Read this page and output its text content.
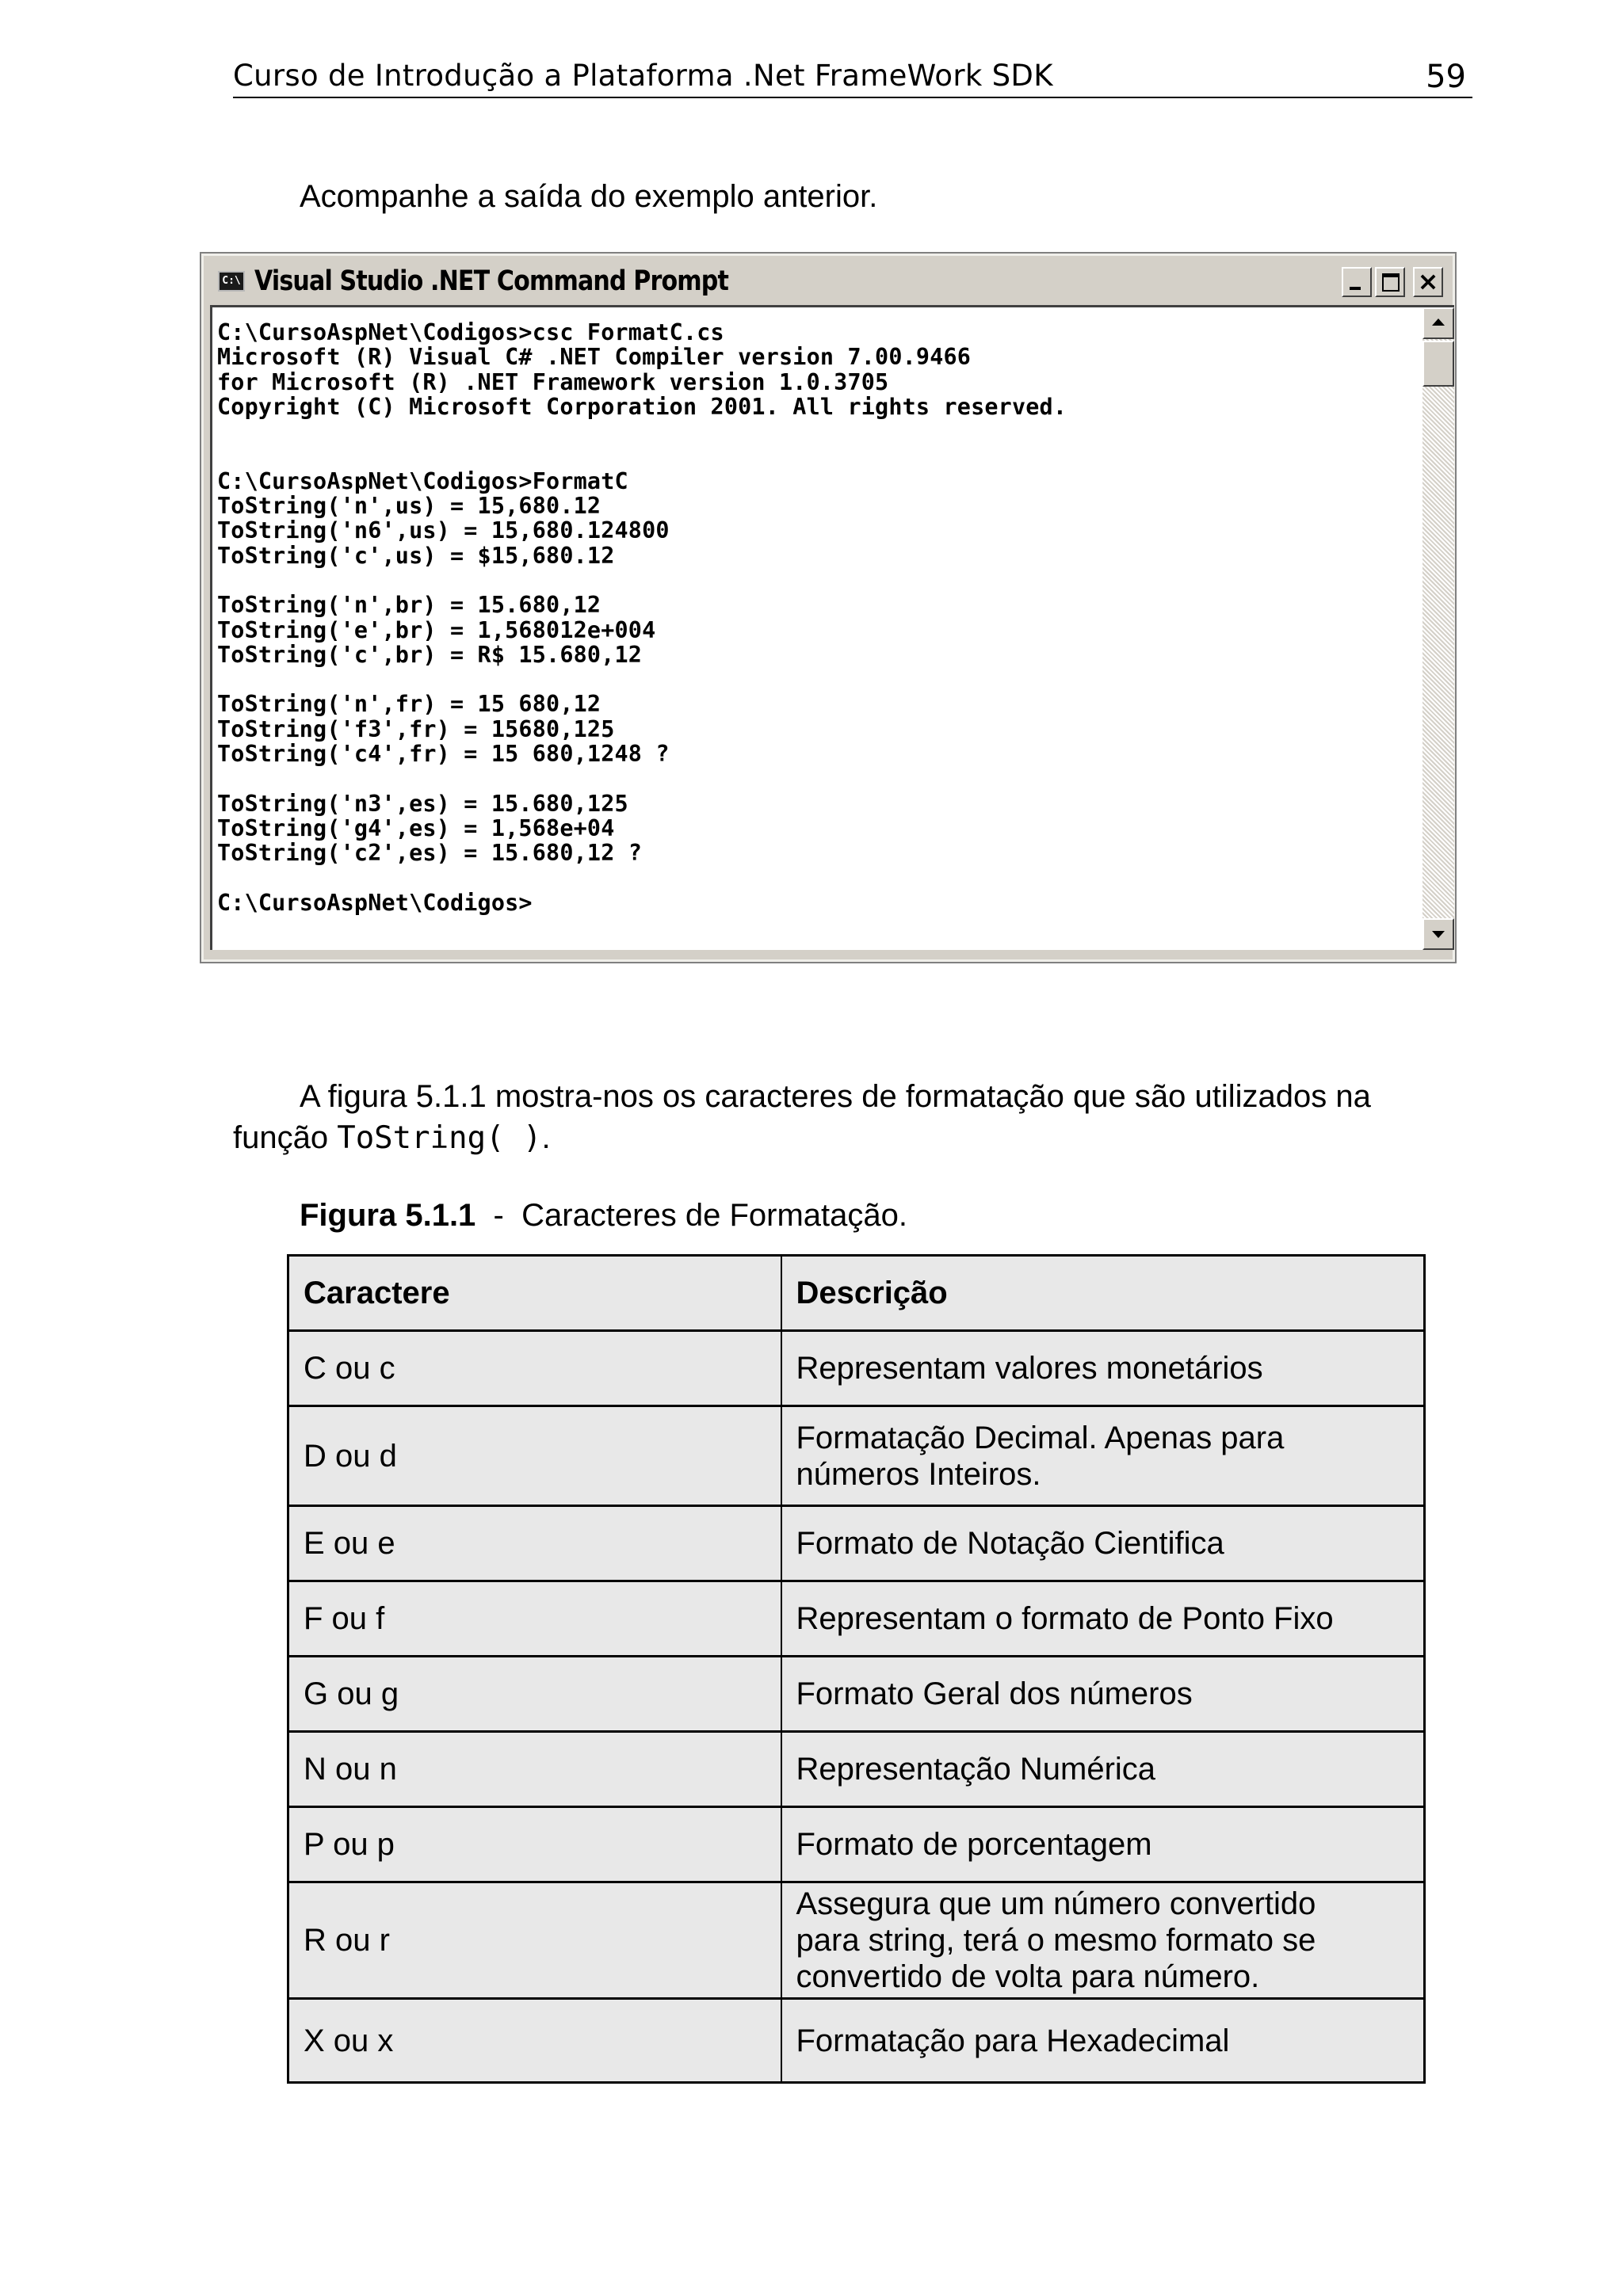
Curso de Introdução a Plataforma .Net FrameWork SDK	59
Acompanhe a saída do exemplo anterior.
C:\ Visual Studio .NET Command Prompt	×
C:\CursoAspNet\Codigos>csc FormatC.cs
Microsoft (R) Visual C# .NET Compiler version 7.00.9466
for Microsoft (R) .NET Framework version 1.0.3705
Copyright (C) Microsoft Corporation 2001. All rights reserved.

C:\CursoAspNet\Codigos>FormatC
ToString('n',us) = 15,680.12
ToString('n6',us) = 15,680.124800
ToString('c',us) = $15,680.12

ToString('n',br) = 15.680,12
ToString('e',br) = 1,568012e+004
ToString('c',br) = R$ 15.680,12

ToString('n',fr) = 15 680,12
ToString('f3',fr) = 15680,125
ToString('c4',fr) = 15 680,1248 ?

ToString('n3',es) = 15.680,125
ToString('g4',es) = 1,568e+04
ToString('c2',es) = 15.680,12 ?

C:\CursoAspNet\Codigos>
A figura 5.1.1 mostra-nos os caracteres de formatação que são utilizados na
função ToString( ).
Figura 5.1.1 - Caracteres de Formatação.
Caractere	Descrição
C ou c	Representam valores monetários

D ou d	Formatação Decimal. Apenas para
números Inteiros.

E ou e	Formato de Notação Cientifica

F ou f	Representam o formato de Ponto Fixo

G ou g	Formato Geral dos números

N ou n	Representação Numérica

P ou p	Formato de porcentagem

R ou r	Assegura que um número convertido
para string, terá o mesmo formato se
convertido de volta para número.

X ou x	Formatação para Hexadecimal
